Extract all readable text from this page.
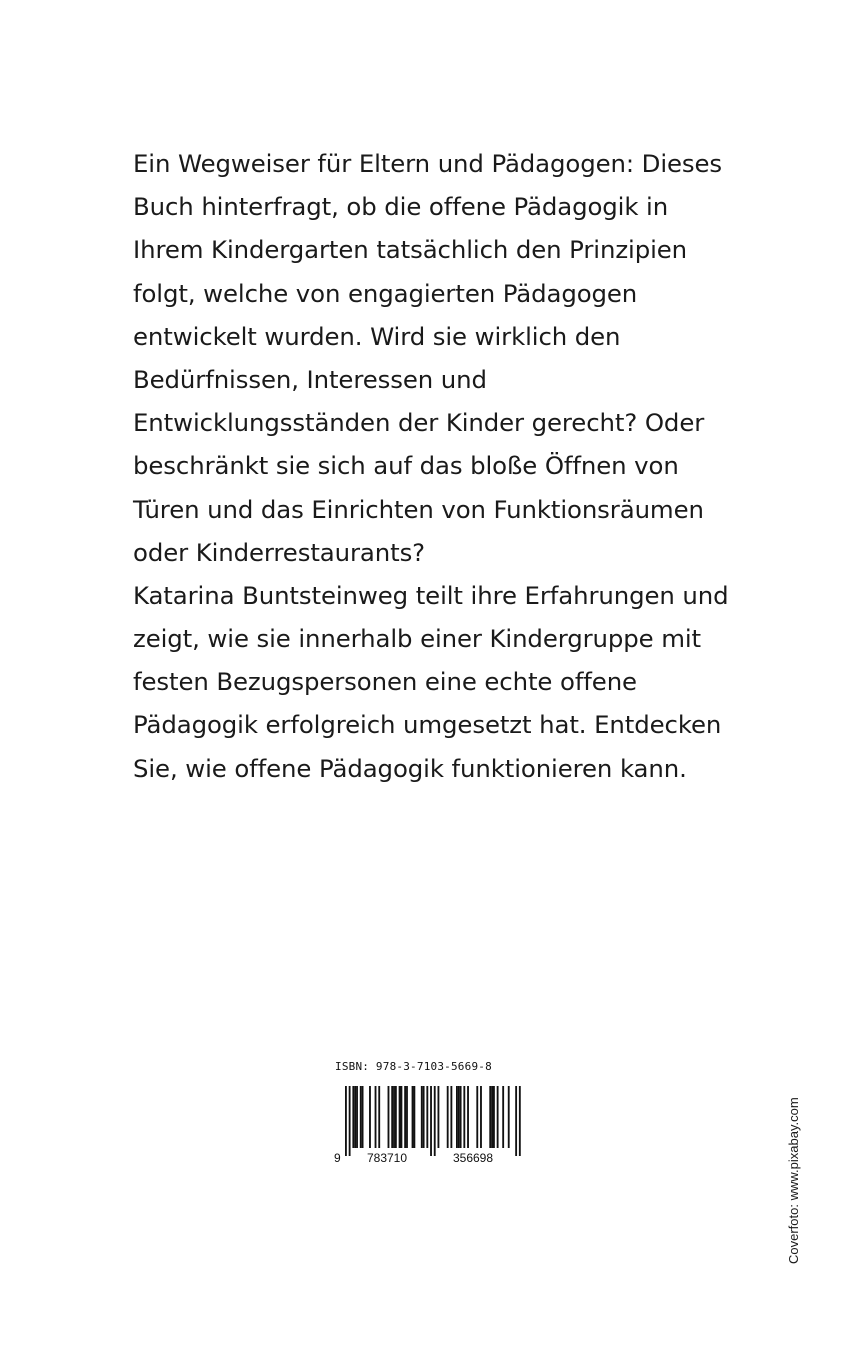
Ein Wegweiser für Eltern und Pädagogen: Dieses
Buch hinterfragt, ob die offene Pädagogik in
Ihrem Kindergarten tatsächlich den Prinzipien
folgt, welche von engagierten Pädagogen
entwickelt wurden. Wird sie wirklich den
Bedürfnissen, Interessen und
Entwicklungsständen der Kinder gerecht? Oder
beschränkt sie sich auf das bloße Öffnen von
Türen und das Einrichten von Funktionsräumen
oder Kinderrestaurants?
Katarina Buntsteinweg teilt ihre Erfahrungen und
zeigt, wie sie innerhalb einer Kindergruppe mit
festen Bezugspersonen eine echte offene
Pädagogik erfolgreich umgesetzt hat. Entdecken
Sie, wie offene Pädagogik funktionieren kann.
ISBN: 978-3-7103-5669-8
9 783710	356698	Coverfoto: www.pixabay.com
